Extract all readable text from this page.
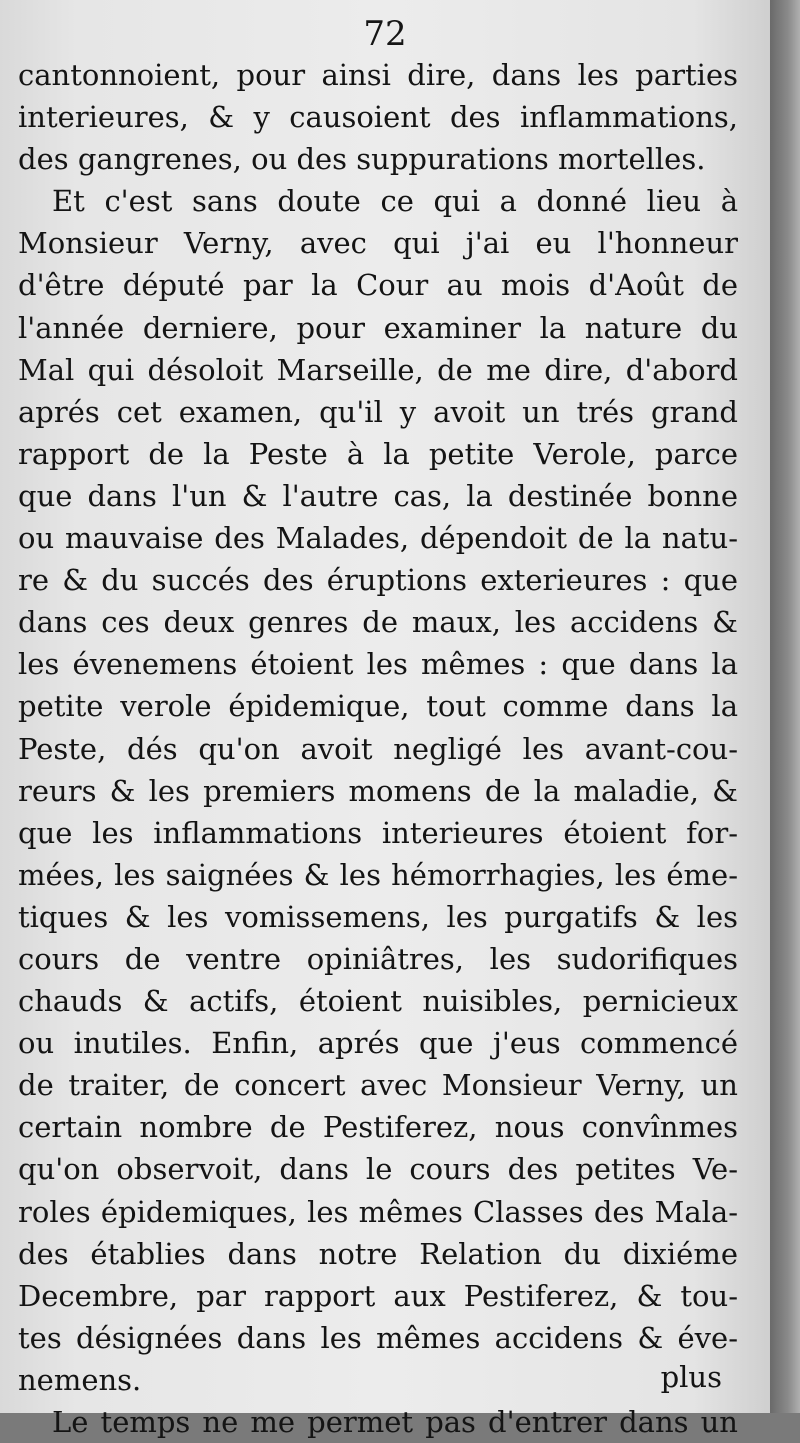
72
cantonnoient, pour ainsi dire, dans les parties
interieures, & y causoient des inflammations,
des gangrenes, ou des suppurations mortelles.
Et c'est sans doute ce qui a donné lieu à
Monsieur Verny, avec qui j'ai eu l'honneur
d'être député par la Cour au mois d'Août de
l'année derniere, pour examiner la nature du
Mal qui désoloit Marseille, de me dire, d'abord
aprés cet examen, qu'il y avoit un trés grand
rapport de la Peste à la petite Verole, parce
que dans l'un & l'autre cas, la destinée bonne
ou mauvaise des Malades, dépendoit de la natu-
re & du succés des éruptions exterieures : que
dans ces deux genres de maux, les accidens &
les évenemens étoient les mêmes : que dans la
petite verole épidemique, tout comme dans la
Peste, dés qu'on avoit negligé les avant-cou-
reurs & les premiers momens de la maladie, &
que les inflammations interieures étoient for-
mées, les saignées & les hémorrhagies, les éme-
tiques & les vomissemens, les purgatifs & les
cours de ventre opiniâtres, les sudorifiques
chauds & actifs, étoient nuisibles, pernicieux
ou inutiles. Enfin, aprés que j'eus commencé
de traiter, de concert avec Monsieur Verny, un
certain nombre de Pestiferez, nous convînmes
qu'on observoit, dans le cours des petites Ve-
roles épidemiques, les mêmes Classes des Mala-
des établies dans notre Relation du dixiéme
Decembre, par rapport aux Pestiferez, & tou-
tes désignées dans les mêmes accidens & éve-
nemens.
Le temps ne me permet pas d'entrer dans un
plus
